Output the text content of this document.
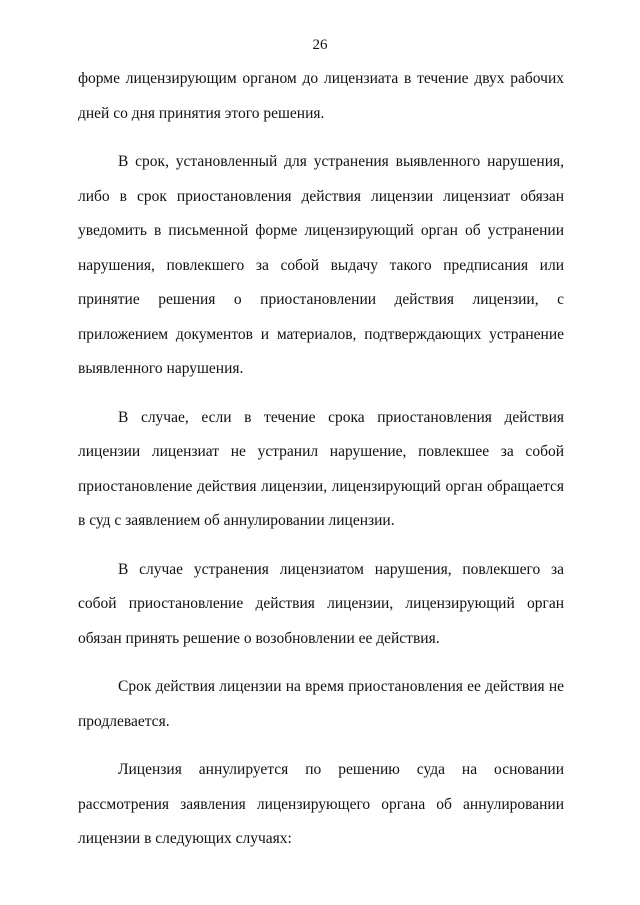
26

форме лицензирующим органом до лицензиата в течение двух рабочих дней со дня принятия этого решения.

В срок, установленный для устранения выявленного нарушения, либо в срок приостановления действия лицензии лицензиат обязан уведомить в письменной форме лицензирующий орган об устранении нарушения, повлекшего за собой выдачу такого предписания или принятие решения о приостановлении действия лицензии, с приложением документов и материалов, подтверждающих устранение выявленного нарушения.

В случае, если в течение срока приостановления действия лицензии лицензиат не устранил нарушение, повлекшее за собой приостановление действия лицензии, лицензирующий орган обращается в суд с заявлением об аннулировании лицензии.

В случае устранения лицензиатом нарушения, повлекшего за собой приостановление действия лицензии, лицензирующий орган обязан принять решение о возобновлении ее действия.

Срок действия лицензии на время приостановления ее действия не продлевается.

Лицензия аннулируется по решению суда на основании рассмотрения заявления лицензирующего органа об аннулировании лицензии в следующих случаях:
